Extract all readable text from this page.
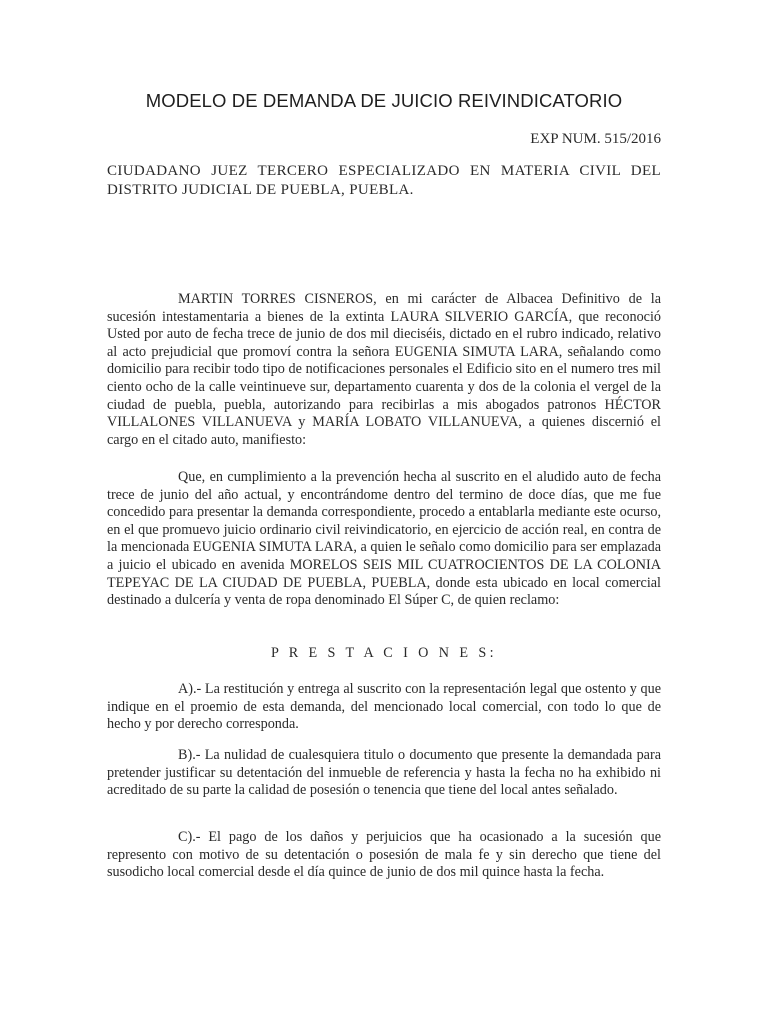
MODELO DE DEMANDA DE JUICIO REIVINDICATORIO

EXP NUM. 515/2016

CIUDADANO JUEZ TERCERO ESPECIALIZADO EN MATERIA CIVIL DEL DISTRITO JUDICIAL DE PUEBLA, PUEBLA.

MARTIN TORRES CISNEROS, en mi carácter de Albacea Definitivo de la sucesión intestamentaria a bienes de la extinta LAURA SILVERIO GARCÍA, que reconoció Usted por auto de fecha trece de junio de dos mil dieciséis, dictado en el rubro indicado, relativo al acto prejudicial que promoví contra la señora EUGENIA SIMUTA LARA, señalando como domicilio para recibir todo tipo de notificaciones personales el Edificio sito en el numero tres mil ciento ocho de la calle veintinueve sur, departamento cuarenta y dos de la colonia el vergel de la ciudad de puebla, puebla, autorizando para recibirlas a mis abogados patronos HÉCTOR VILLALONES VILLANUEVA y MARÍA LOBATO VILLANUEVA, a quienes discernió el cargo en el citado auto, manifiesto:

Que, en cumplimiento a la prevención hecha al suscrito en el aludido auto de fecha trece de junio del año actual, y encontrándome dentro del termino de doce días, que me fue concedido para presentar la demanda correspondiente, procedo a entablarla mediante este ocurso, en el que promuevo juicio ordinario civil reivindicatorio, en ejercicio de acción real, en contra de la mencionada EUGENIA SIMUTA LARA, a quien le señalo como domicilio para ser emplazada a juicio el ubicado en avenida MORELOS SEIS MIL CUATROCIENTOS DE LA COLONIA TEPEYAC DE LA CIUDAD DE PUEBLA, PUEBLA, donde esta ubicado en local comercial destinado a dulcería y venta de ropa denominado El Súper C, de quien reclamo:

P R E S T A C I O N E S:

A).- La restitución y entrega al suscrito con la representación legal que ostento y que indique en el proemio de esta demanda, del mencionado local comercial, con todo lo que de hecho y por derecho corresponda.

B).- La nulidad de cualesquiera titulo o documento que presente la demandada para pretender justificar su detentación del inmueble de referencia y hasta la fecha no ha exhibido ni acreditado de su parte la calidad de posesión o tenencia que tiene del local antes señalado.

C).- El pago de los daños y perjuicios que ha ocasionado a la sucesión que represento con motivo de su detentación o posesión de mala fe y sin derecho que tiene del susodicho local comercial desde el día quince de junio de dos mil quince hasta la fecha.
